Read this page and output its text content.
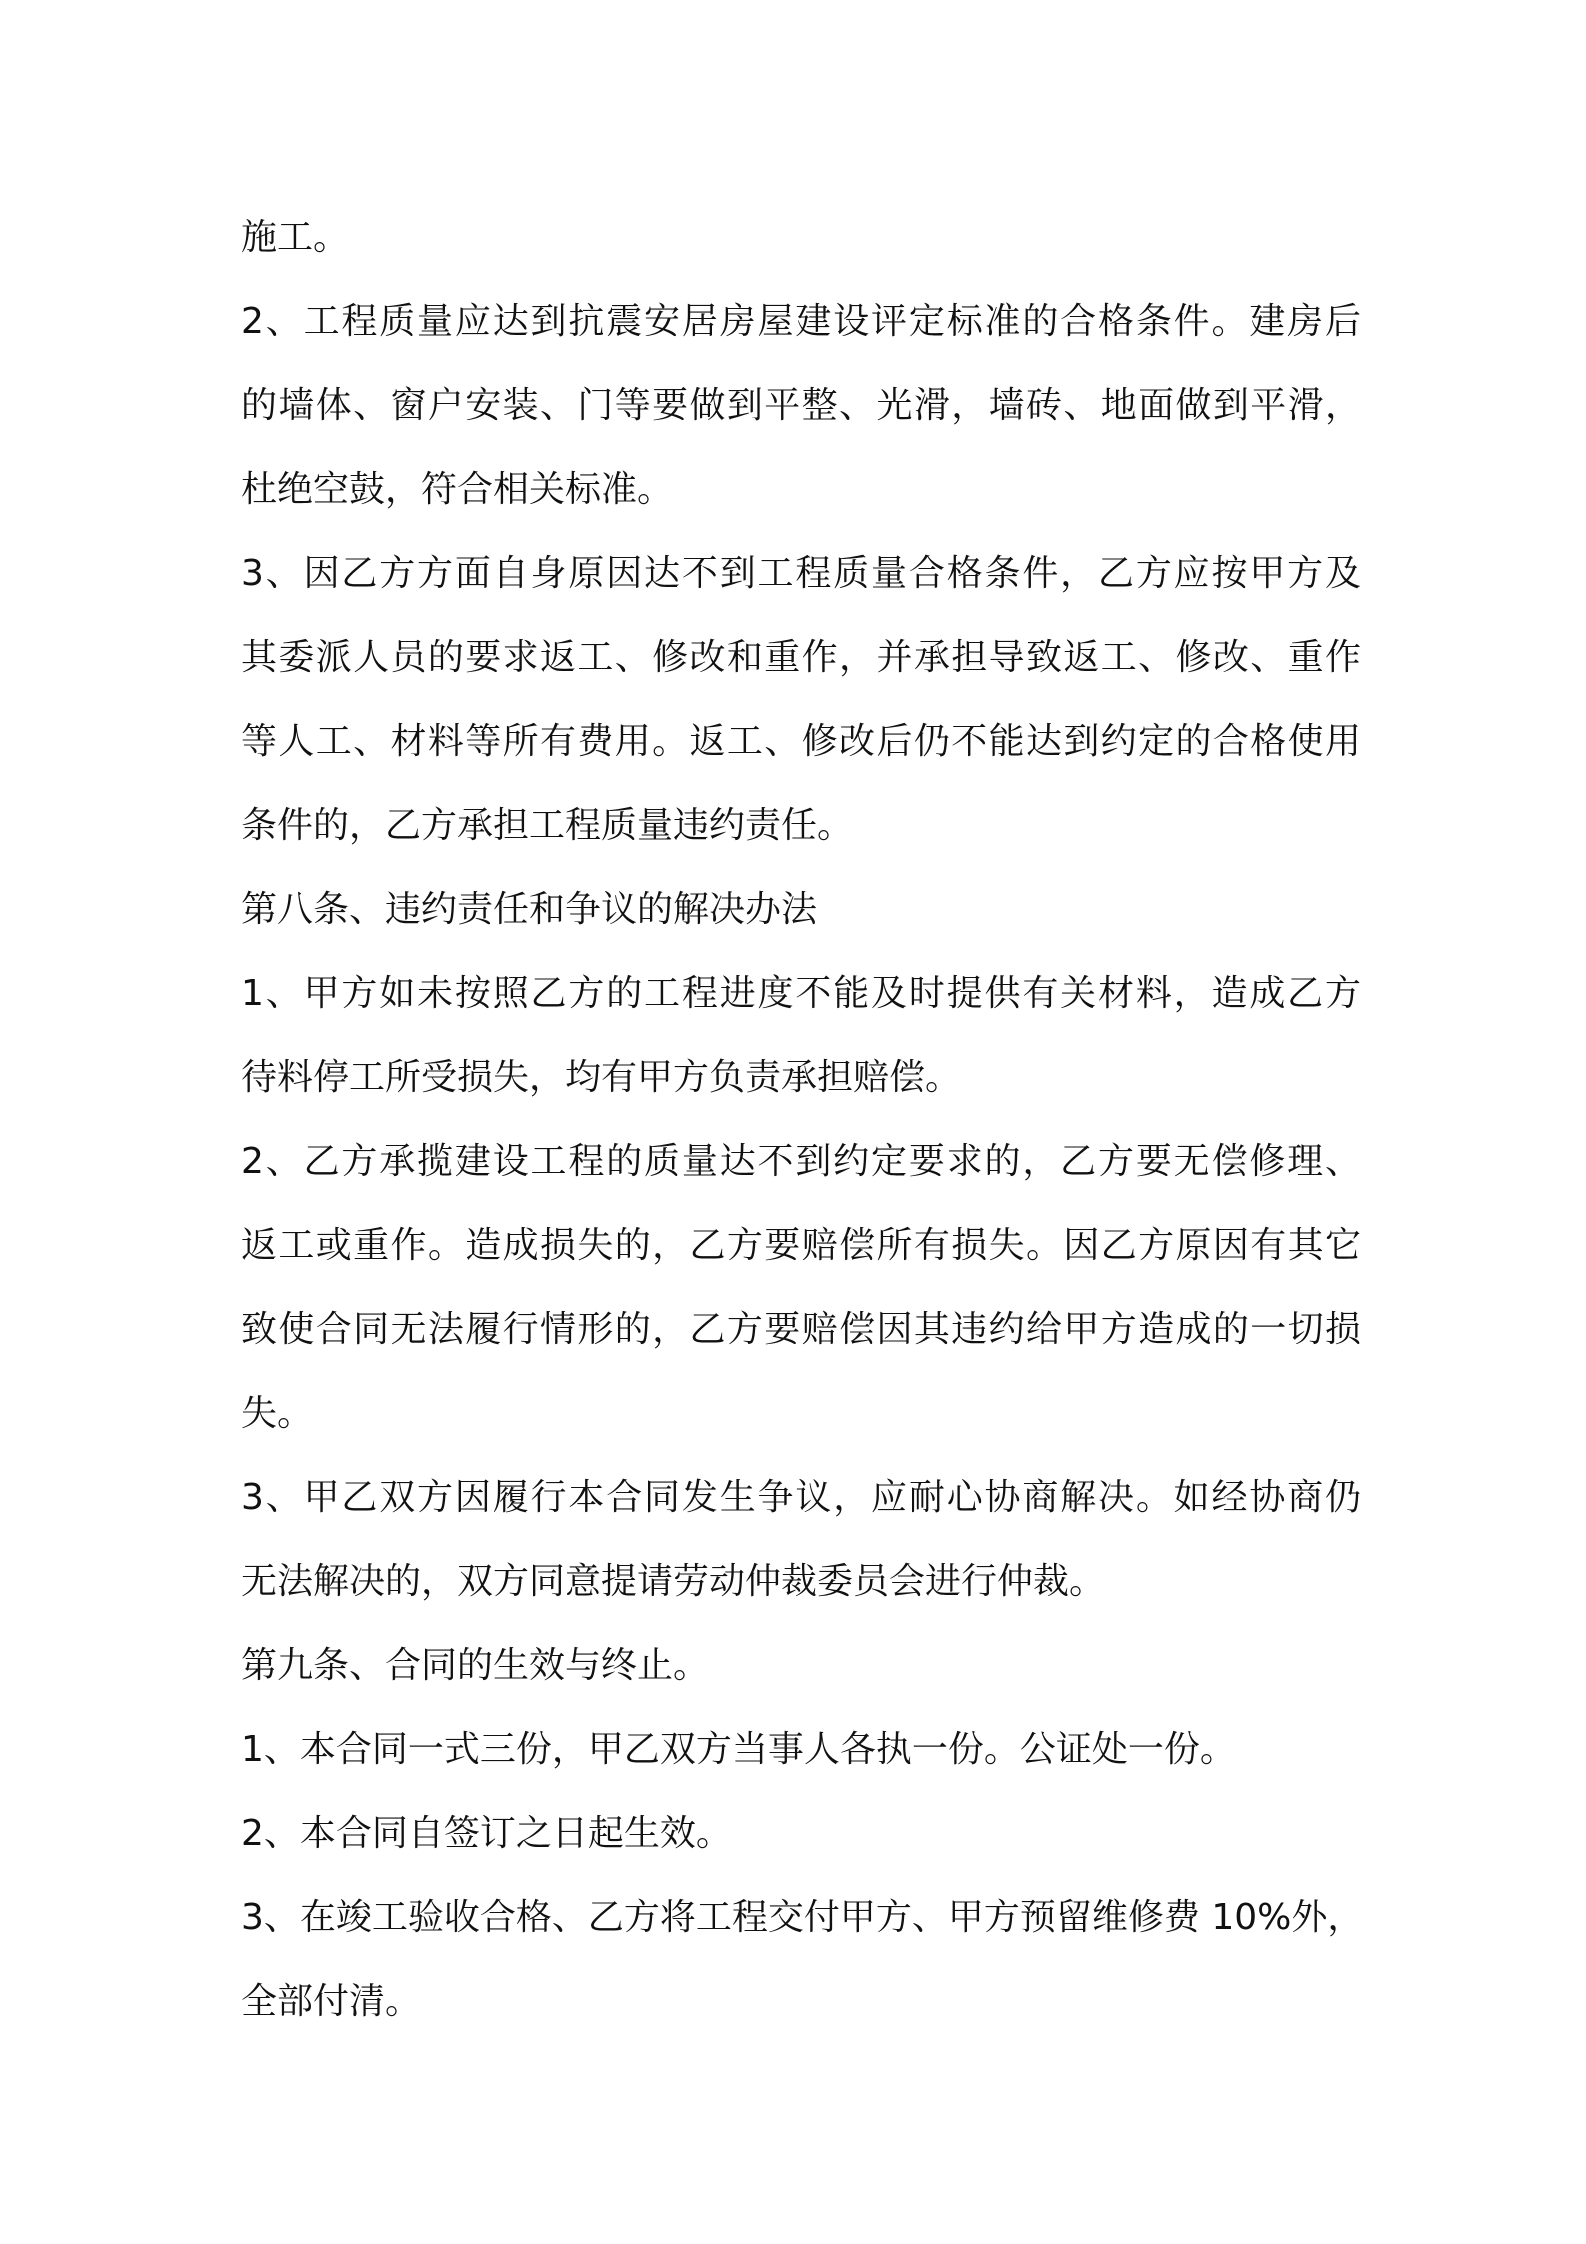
施工。
2、工程质量应达到抗震安居房屋建设评定标准的合格条件。建房后
的墙体、窗户安装、门等要做到平整、光滑，墙砖、地面做到平滑，
杜绝空鼓，符合相关标准。
3、因乙方方面自身原因达不到工程质量合格条件，乙方应按甲方及
其委派人员的要求返工、修改和重作，并承担导致返工、修改、重作
等人工、材料等所有费用。返工、修改后仍不能达到约定的合格使用
条件的，乙方承担工程质量违约责任。
第八条、违约责任和争议的解决办法
1、甲方如未按照乙方的工程进度不能及时提供有关材料，造成乙方
待料停工所受损失，均有甲方负责承担赔偿。
2、乙方承揽建设工程的质量达不到约定要求的，乙方要无偿修理、
返工或重作。造成损失的，乙方要赔偿所有损失。因乙方原因有其它
致使合同无法履行情形的，乙方要赔偿因其违约给甲方造成的一切损
失。
3、甲乙双方因履行本合同发生争议，应耐心协商解决。如经协商仍
无法解决的，双方同意提请劳动仲裁委员会进行仲裁。
第九条、合同的生效与终止。
1、本合同一式三份，甲乙双方当事人各执一份。公证处一份。
2、本合同自签订之日起生效。
3、在竣工验收合格、乙方将工程交付甲方、甲方预留维修费 10%外，
全部付清。
